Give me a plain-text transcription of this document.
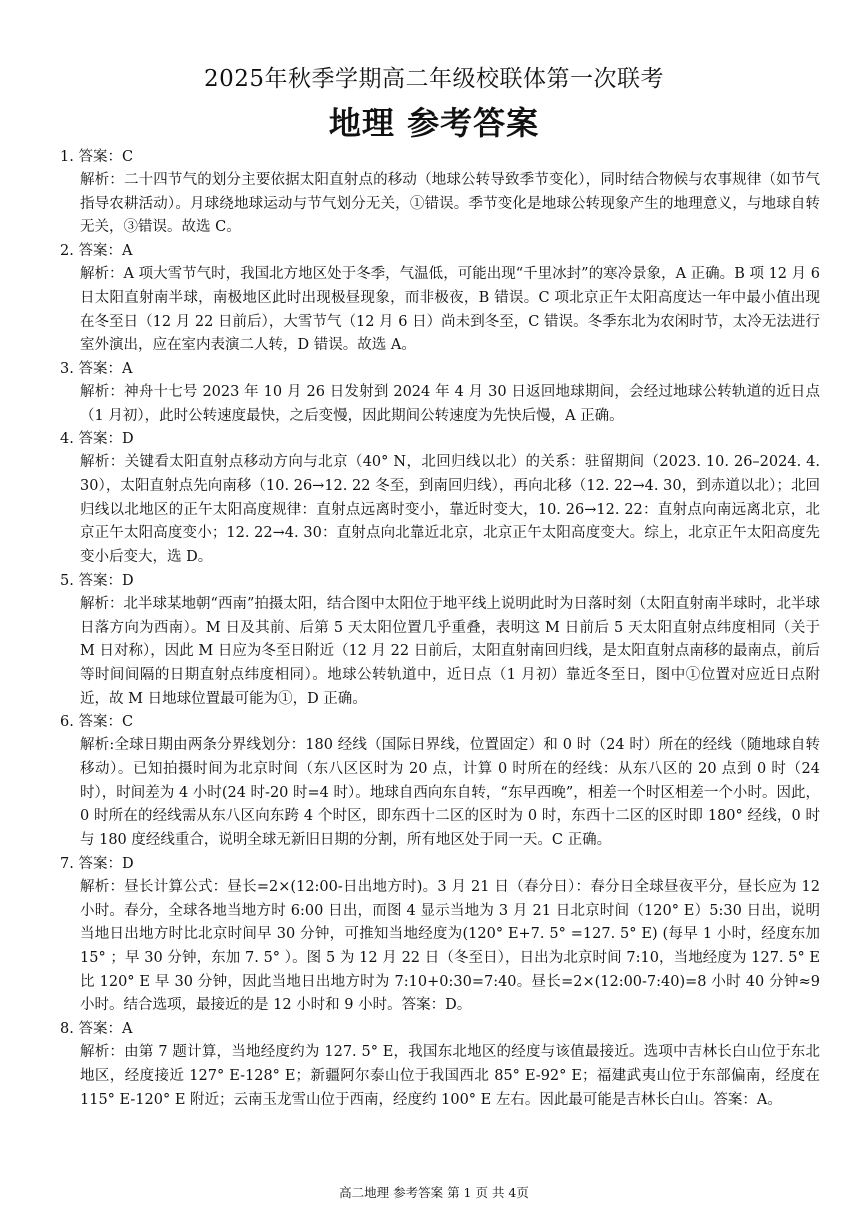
2025年秋季学期高二年级校联体第一次联考
地理 参考答案

1. 答案：C

解析：二十四节气的划分主要依据太阳直射点的移动（地球公转导致季节变化），同时结合物候与农事规律（如节气指导农耕活动）。月球绕地球运动与节气划分无关，①错误。季节变化是地球公转现象产生的地理意义，与地球自转无关，③错误。故选 C。

2. 答案：A

解析：A 项大雪节气时，我国北方地区处于冬季，气温低，可能出现“千里冰封”的寒冷景象，A 正确。B 项 12 月 6 日太阳直射南半球，南极地区此时出现极昼现象，而非极夜，B 错误。C 项北京正午太阳高度达一年中最小值出现在冬至日（12 月 22 日前后），大雪节气（12 月 6 日）尚未到冬至，C 错误。冬季东北为农闲时节，太冷无法进行室外演出，应在室内表演二人转，D 错误。故选 A。

3. 答案：A

解析：神舟十七号 2023 年 10 月 26 日发射到 2024 年 4 月 30 日返回地球期间，会经过地球公转轨道的近日点（1 月初），此时公转速度最快，之后变慢，因此期间公转速度为先快后慢，A 正确。

4. 答案：D

解析：关键看太阳直射点移动方向与北京（40° N，北回归线以北）的关系：驻留期间（2023. 10. 26–2024. 4. 30），太阳直射点先向南移（10. 26→12. 22 冬至，到南回归线），再向北移（12. 22→4. 30，到赤道以北）；北回归线以北地区的正午太阳高度规律：直射点远离时变小，靠近时变大，10. 26→12. 22：直射点向南远离北京，北京正午太阳高度变小；12. 22→4. 30：直射点向北靠近北京，北京正午太阳高度变大。综上，北京正午太阳高度先变小后变大，选 D。

5. 答案：D

解析：北半球某地朝“西南”拍摄太阳，结合图中太阳位于地平线上说明此时为日落时刻（太阳直射南半球时，北半球日落方向为西南）。M 日及其前、后第 5 天太阳位置几乎重叠，表明这 M 日前后 5 天太阳直射点纬度相同（关于 M 日对称），因此 M 日应为冬至日附近（12 月 22 日前后，太阳直射南回归线，是太阳直射点南移的最南点，前后等时间间隔的日期直射点纬度相同）。地球公转轨道中，近日点（1 月初）靠近冬至日，图中①位置对应近日点附近，故 M 日地球位置最可能为①，D 正确。

6. 答案：C

解析:全球日期由两条分界线划分：180 经线（国际日界线，位置固定）和 0 时（24 时）所在的经线（随地球自转移动）。已知拍摄时间为北京时间（东八区区时为 20 点，计算 0 时所在的经线：从东八区的 20 点到 0 时（24 时），时间差为 4 小时(24 时-20 时=4 时）。地球自西向东自转，“东早西晚”，相差一个时区相差一个小时。因此，0 时所在的经线需从东八区向东跨 4 个时区，即东西十二区的区时为 0 时，东西十二区的区时即 180° 经线，0 时与 180 度经线重合，说明全球无新旧日期的分割，所有地区处于同一天。C 正确。

7. 答案：D

解析：昼长计算公式：昼长=2×(12:00-日出地方时)。3 月 21 日（春分日）：春分日全球昼夜平分，昼长应为 12 小时。春分，全球各地当地方时 6:00 日出，而图 4 显示当地为 3 月 21 日北京时间（120° E）5:30 日出，说明当地日出地方时比北京时间早 30 分钟，可推知当地经度为(120° E+7. 5° =127. 5° E) (每早 1 小时，经度东加 15° ；早 30 分钟，东加 7. 5° ）。图 5 为 12 月 22 日（冬至日），日出为北京时间 7:10，当地经度为 127. 5° E 比 120° E 早 30 分钟，因此当地日出地方时为 7:10+0:30=7:40。昼长=2×(12:00-7:40)=8 小时 40 分钟≈9 小时。结合选项，最接近的是 12 小时和 9 小时。答案：D。

8. 答案：A

解析：由第 7 题计算，当地经度约为 127. 5° E，我国东北地区的经度与该值最接近。选项中吉林长白山位于东北地区，经度接近 127° E-128° E；新疆阿尔泰山位于我国西北 85° E-92° E；福建武夷山位于东部偏南，经度在 115° E-120° E 附近；云南玉龙雪山位于西南，经度约 100° E 左右。因此最可能是吉林长白山。答案：A。

高二地理 参考答案 第 1 页 共 4页
